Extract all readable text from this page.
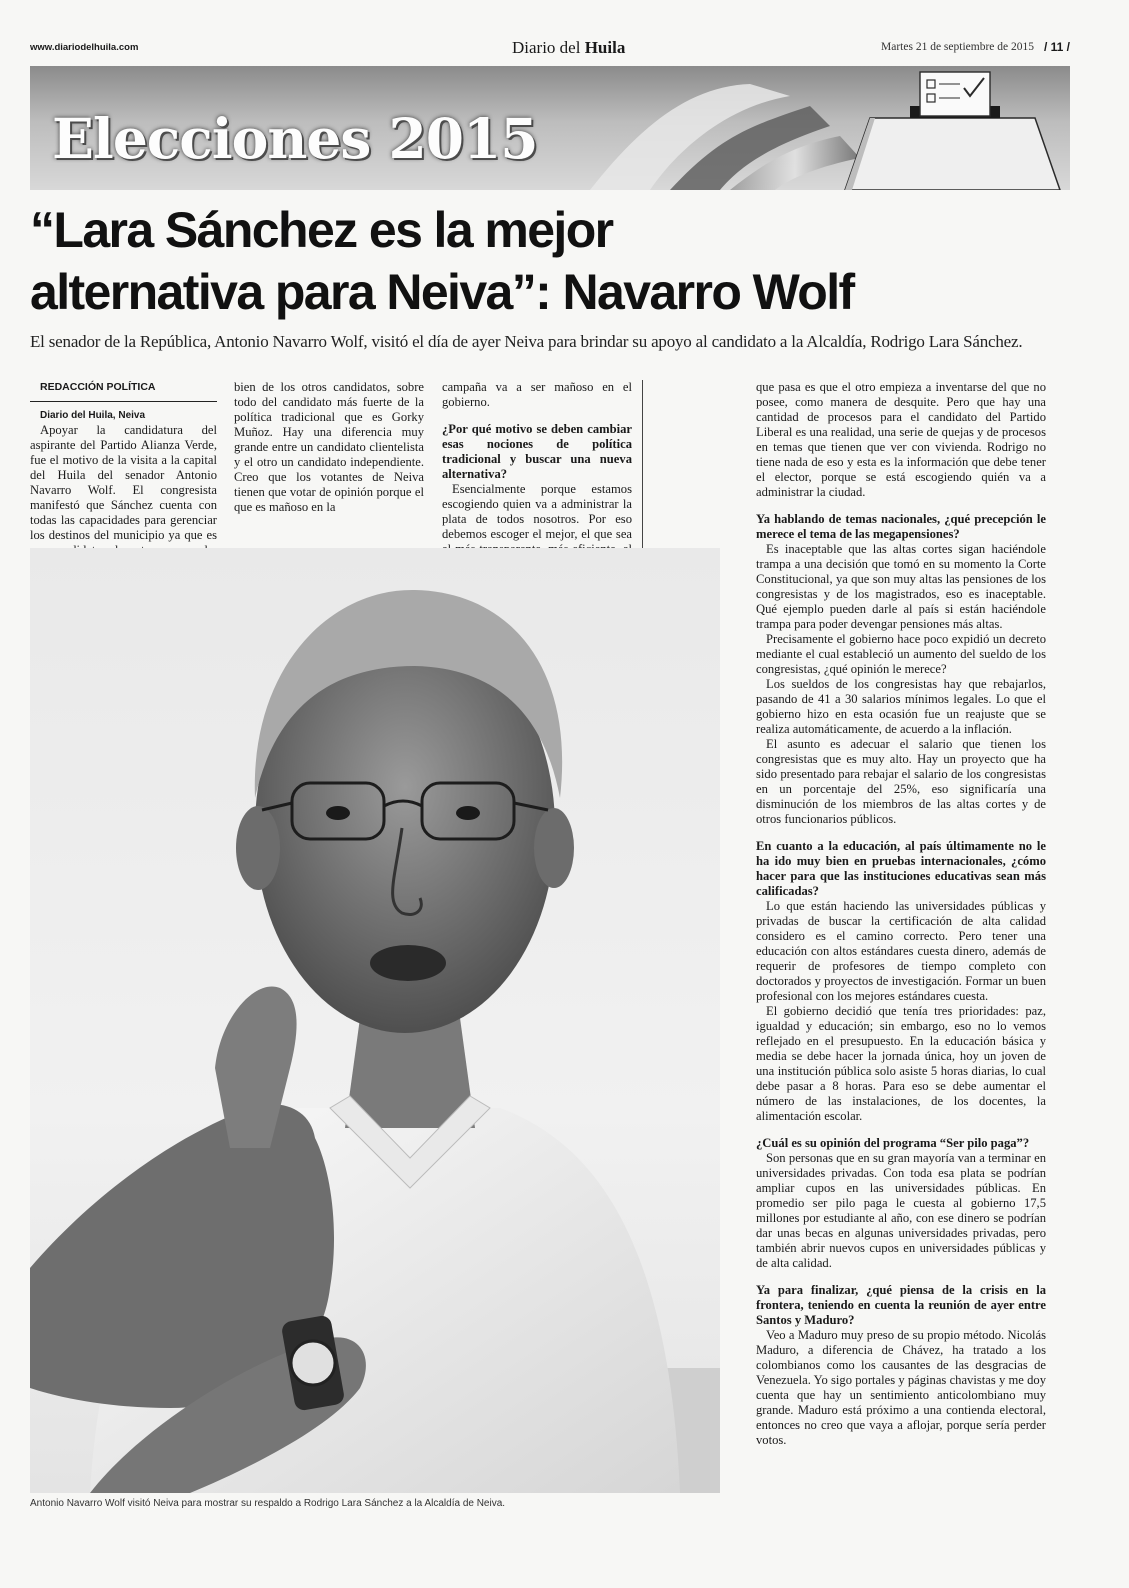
www.diariodelhuila.com	Diario del Huila	Martes 21 de septiembre de 2015 / 11 /
Elecciones 2015
“Lara Sánchez es la mejor
alternativa para Neiva”: Navarro Wolf

El senador de la República, Antonio Navarro Wolf, visitó el día de ayer Neiva para brindar su apoyo al candidato a la Alcaldía, Rodrigo Lara Sánchez.

REDACCIÓN POLÍTICA

Diario del Huila, Neiva

Apoyar la candidatura del aspirante del Partido Alianza Verde, fue el motivo de la visita a la capital del Huila del senador Antonio Navarro Wolf. El congresista manifestó que Sánchez cuenta con todas las capacidades para gerenciar los destinos del municipio ya que es

bien de los otros candidatos, sobre todo del candidato más fuerte de la política tradicional que es Gorky Muñoz. Hay una diferencia muy grande entre un candidato clientelista y el otro un candidato independiente. Creo que los votantes de Neiva tienen que votar de opinión porque el que es mañoso en la

campaña va a ser mañoso en el gobierno.

¿Por qué motivo se deben cambiar esas nociones de política tradicional y buscar una nueva alternativa?

Esencialmente porque estamos escogiendo quien va a administrar la plata de todos nosotros. Por eso debemos escoger el mejor, el que sea

que pasa es que el otro empieza a inventarse del que no posee, como manera de desquite. Pero que hay una cantidad de procesos para el candidato del Partido Liberal es una realidad, una serie de quejas y de procesos en temas que tienen que ver con vivienda. Rodrigo no tiene nada de eso y esta es la información que debe tener el elector, porque se está escogiendo quién va a administrar la ciudad.

Ya hablando de temas nacionales, ¿qué precepción le merece el tema de las megapensiones?

Es inaceptable que las altas cortes sigan haciéndole trampa a una decisión que tomó en su momento la Corte Constitucional, ya que son muy altas las pensiones de los congresistas y de los magistrados, eso es inaceptable. Qué ejemplo pueden darle al país si están haciéndole trampa para poder devengar pensiones más altas.

Precisamente el gobierno hace poco expidió un decreto mediante el cual estableció un aumento del sueldo de los congresistas, ¿qué opinión le merece?

Los sueldos de los congresistas hay que rebajarlos, pasando de 41 a 30 salarios mínimos legales. Lo que el gobierno hizo en esta ocasión fue un reajuste que se realiza automáticamente, de acuerdo a la inflación.

El asunto es adecuar el salario que tienen los congresistas que es muy alto. Hay un proyecto que ha sido presentado para rebajar el salario de los congresistas en un porcentaje del 25%, eso significaría una disminución de los miembros de las altas cortes y de otros funcionarios públicos.

En cuanto a la educación, al país últimamente no le ha ido muy bien en pruebas internacionales, ¿cómo hacer para que las instituciones educativas sean más calificadas?

Lo que están haciendo las universidades públicas y privadas de buscar la certificación de alta calidad considero es el camino correcto. Pero tener una educación con altos estándares cuesta dinero, además de requerir de profesores de tiempo completo con doctorados y proyectos de investigación. Formar un buen profesional con los mejores estándares cuesta.

El gobierno decidió que tenía tres prioridades: paz, igualdad y educación; sin embargo, eso no lo vemos reflejado en el presupuesto. En la educación básica y media se debe hacer la jornada única, hoy un joven de una institución pública solo asiste 5 horas diarias, lo cual debe pasar a 8 horas. Para eso se debe aumentar el número de las instalaciones, de los docentes, la alimentación escolar.

¿Cuál es su opinión del programa “Ser pilo paga”?

Son personas que en su gran mayoría van a terminar en universidades privadas. Con toda esa plata se podrían ampliar cupos en las universidades públicas. En promedio ser pilo paga le cuesta al gobierno 17,5 millones por estudiante al año, con ese dinero se podrían dar unas becas en algunas universidades privadas, pero también abrir nuevos cupos en universidades públicas y de alta calidad.

Ya para finalizar, ¿qué piensa de la crisis en la frontera, teniendo en cuenta la reunión de ayer entre Santos y Maduro?

Veo a Maduro muy preso de su propio método. Nicolás Maduro, a diferencia de Chávez, ha tratado a los colombianos como los causantes de las desgracias de Venezuela. Yo sigo portales y páginas chavistas y me doy cuenta que hay un sentimiento anticolombiano muy grande. Maduro está próximo a una contienda electoral, entonces no creo que vaya a aflojar, porque sería perder votos.

Antonio Navarro Wolf visitó Neiva para mostrar su respaldo a Rodrigo Lara Sánchez a la Alcaldía de Neiva.
